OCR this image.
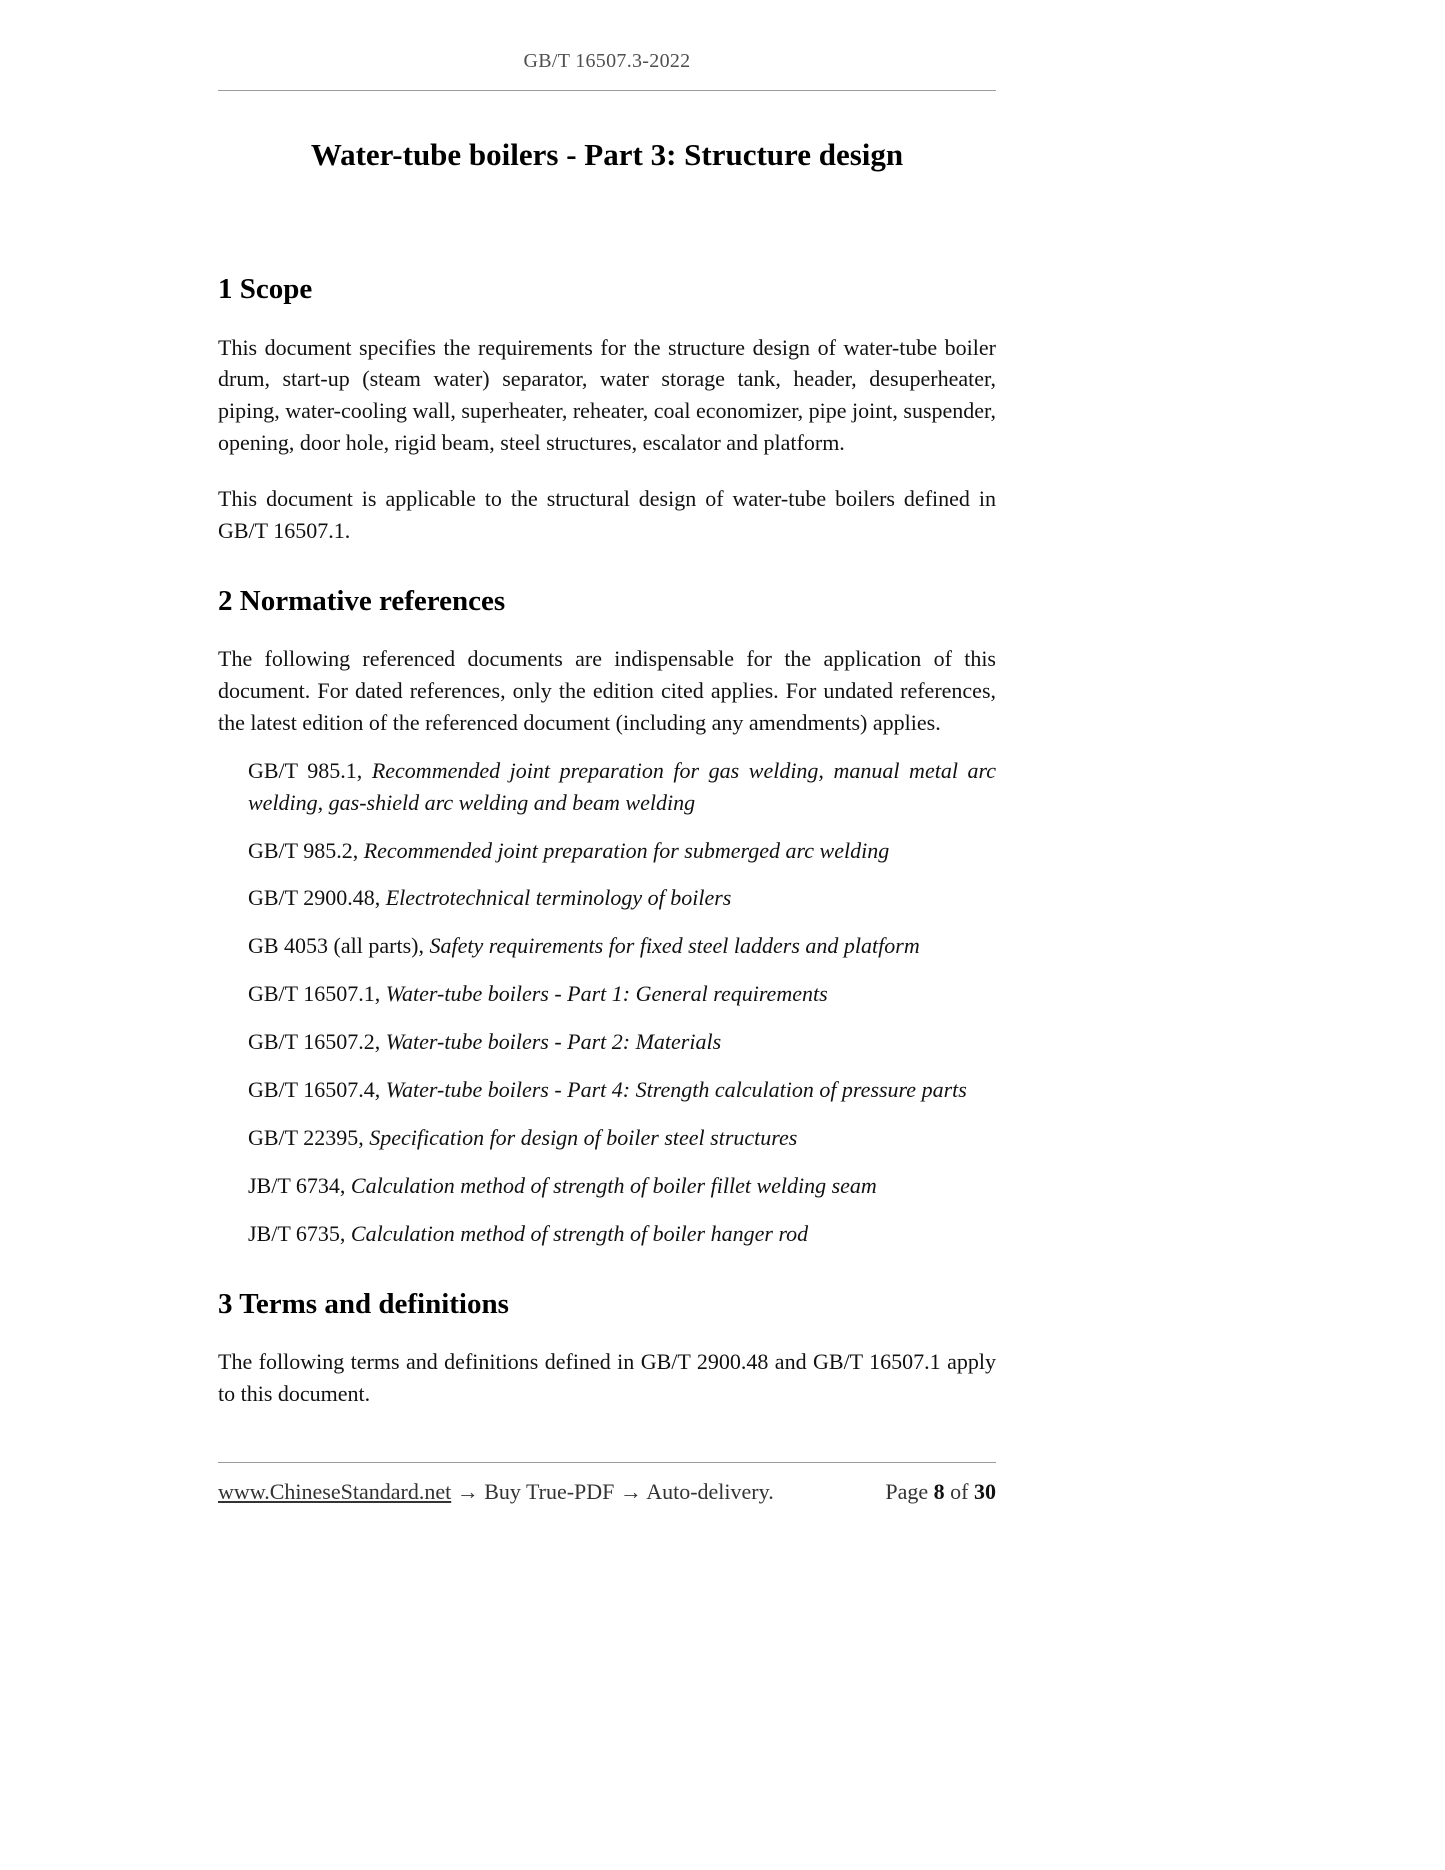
GB/T 16507.3-2022
Water-tube boilers - Part 3: Structure design
1 Scope

This document specifies the requirements for the structure design of water-tube boiler drum, start-up (steam water) separator, water storage tank, header, desuperheater, piping, water-cooling wall, superheater, reheater, coal economizer, pipe joint, suspender, opening, door hole, rigid beam, steel structures, escalator and platform.

This document is applicable to the structural design of water-tube boilers defined in GB/T 16507.1.

2 Normative references

The following referenced documents are indispensable for the application of this document. For dated references, only the edition cited applies. For undated references, the latest edition of the referenced document (including any amendments) applies.

GB/T 985.1, Recommended joint preparation for gas welding, manual metal arc welding, gas-shield arc welding and beam welding

GB/T 985.2, Recommended joint preparation for submerged arc welding

GB/T 2900.48, Electrotechnical terminology of boilers

GB 4053 (all parts), Safety requirements for fixed steel ladders and platform

GB/T 16507.1, Water-tube boilers - Part 1: General requirements

GB/T 16507.2, Water-tube boilers - Part 2: Materials

GB/T 16507.4, Water-tube boilers - Part 4: Strength calculation of pressure parts

GB/T 22395, Specification for design of boiler steel structures

JB/T 6734, Calculation method of strength of boiler fillet welding seam

JB/T 6735, Calculation method of strength of boiler hanger rod

3 Terms and definitions

The following terms and definitions defined in GB/T 2900.48 and GB/T 16507.1 apply to this document.

www.ChineseStandard.net → Buy True-PDF → Auto-delivery.	Page 8 of 30
